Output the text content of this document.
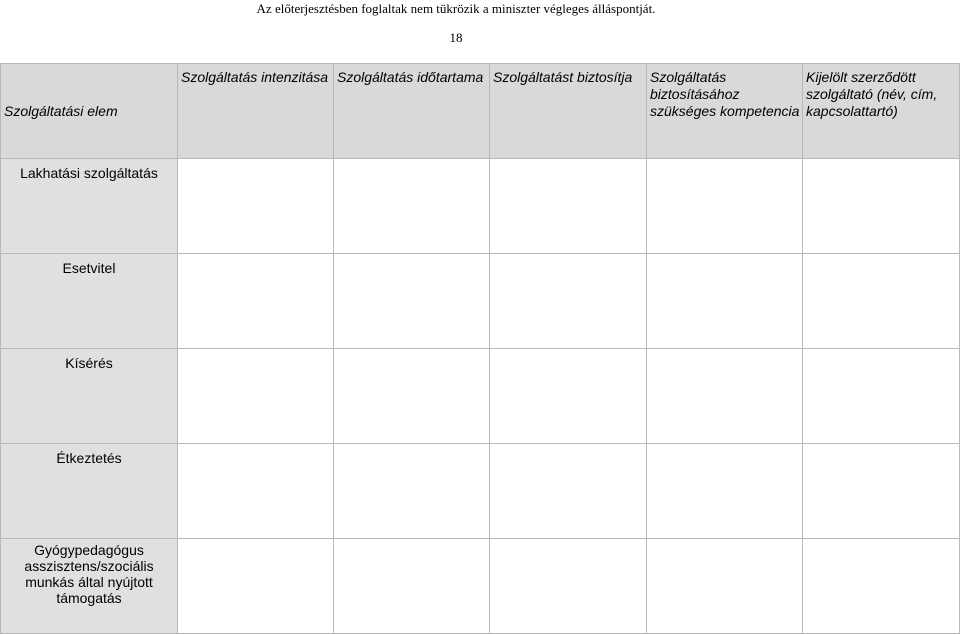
Az előterjesztésben foglaltak nem tükrözik a miniszter végleges álláspontját.
18
Szolgáltatási elem	Szolgáltatás intenzitása	Szolgáltatás időtartama	Szolgáltatást biztosítja	Szolgáltatás biztosításához szükséges kompetencia	Kijelölt szerződött szolgáltató (név, cím, kapcsolattartó)
Lakhatási szolgáltatás					
Esetvitel					
Kísérés					
Étkeztetés					
Gyógypedagógus asszisztens/szociális munkás által nyújtott támogatás					
